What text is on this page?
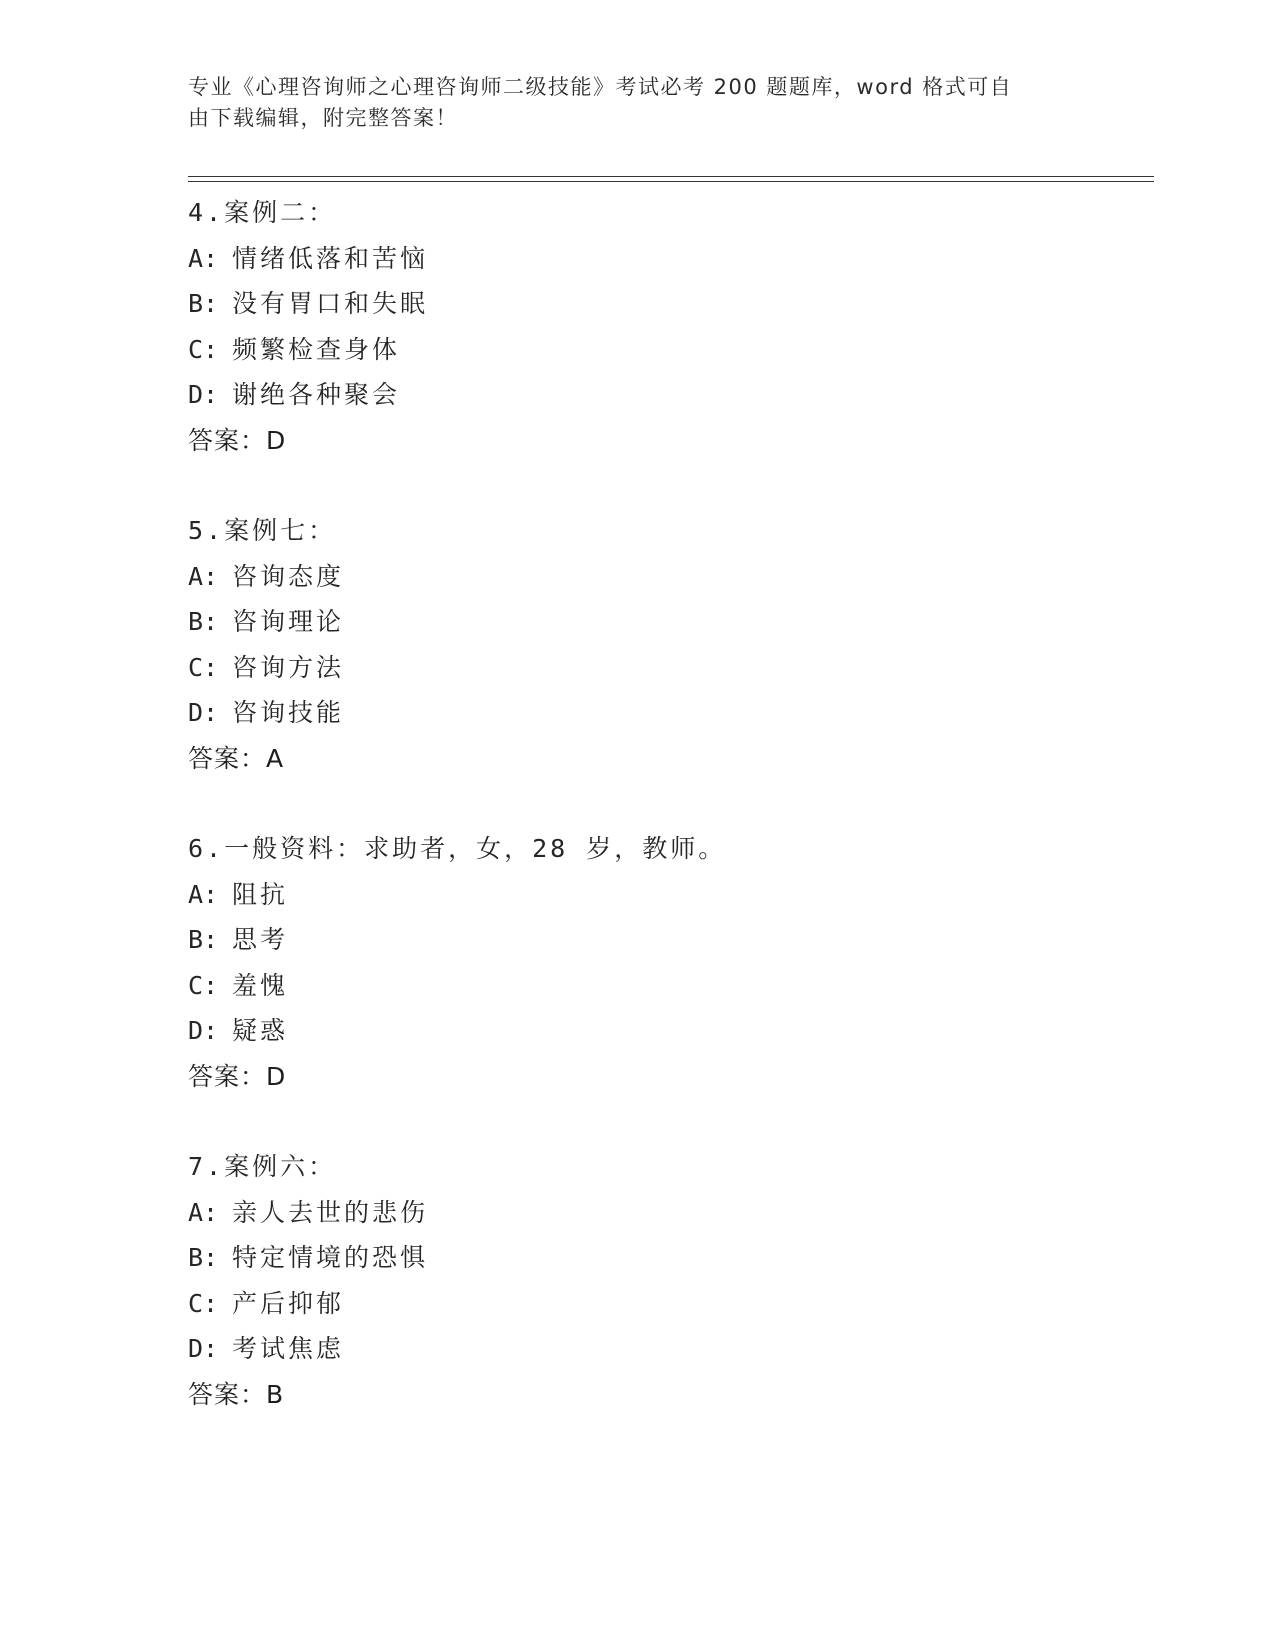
专业《心理咨询师之心理咨询师二级技能》考试必考 200 题题库，word 格式可自
由下载编辑，附完整答案！
4.案例二：
A: 情绪低落和苦恼
B: 没有胃口和失眠
C: 频繁检查身体
D: 谢绝各种聚会
答案：D
5.案例七：
A: 咨询态度
B: 咨询理论
C: 咨询方法
D: 咨询技能
答案：A
6.一般资料：求助者，女，28 岁，教师。
A: 阻抗
B: 思考
C: 羞愧
D: 疑惑
答案：D
7.案例六：
A: 亲人去世的悲伤
B: 特定情境的恐惧
C: 产后抑郁
D: 考试焦虑
答案：B
